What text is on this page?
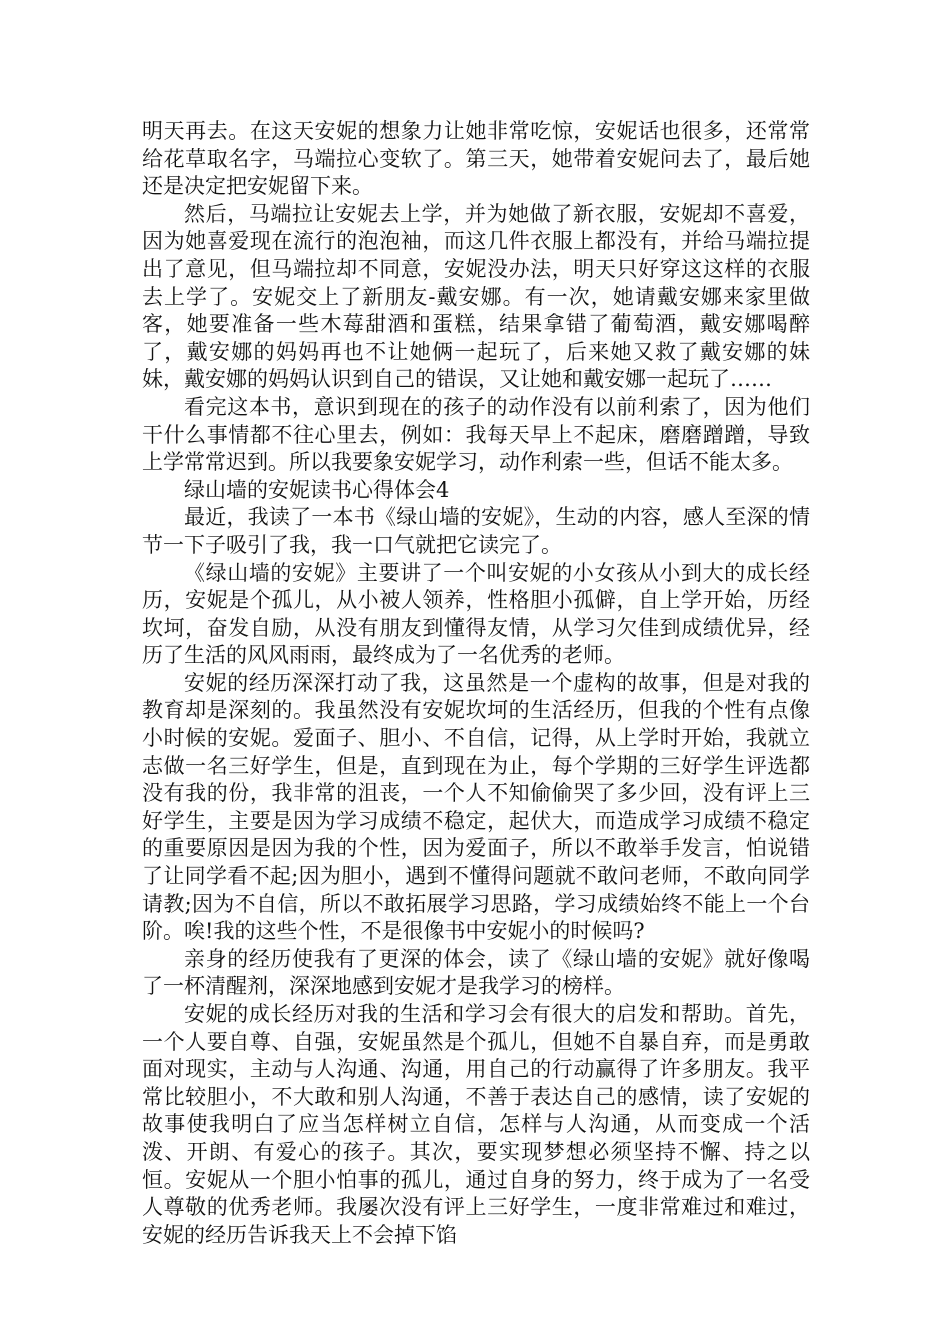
明天再去。在这天安妮的想象力让她非常吃惊，安妮话也很多，还常常给花草取名字，马端拉心变软了。第三天，她带着安妮问去了，最后她还是决定把安妮留下来。

然后，马端拉让安妮去上学，并为她做了新衣服，安妮却不喜爱，因为她喜爱现在流行的泡泡袖，而这几件衣服上都没有，并给马端拉提出了意见，但马端拉却不同意，安妮没办法，明天只好穿这这样的衣服去上学了。安妮交上了新朋友-戴安娜。有一次，她请戴安娜来家里做客，她要准备一些木莓甜酒和蛋糕，结果拿错了葡萄酒，戴安娜喝醉了，戴安娜的妈妈再也不让她俩一起玩了，后来她又救了戴安娜的妹妹，戴安娜的妈妈认识到自己的错误，又让她和戴安娜一起玩了……

看完这本书，意识到现在的孩子的动作没有以前利索了，因为他们干什么事情都不往心里去，例如：我每天早上不起床，磨磨蹭蹭，导致上学常常迟到。所以我要象安妮学习，动作利索一些，但话不能太多。

绿山墙的安妮读书心得体会4

最近，我读了一本书《绿山墙的安妮》，生动的内容，感人至深的情节一下子吸引了我，我一口气就把它读完了。

《绿山墙的安妮》主要讲了一个叫安妮的小女孩从小到大的成长经历，安妮是个孤儿，从小被人领养，性格胆小孤僻，自上学开始，历经坎坷，奋发自励，从没有朋友到懂得友情，从学习欠佳到成绩优异，经历了生活的风风雨雨，最终成为了一名优秀的老师。

安妮的经历深深打动了我，这虽然是一个虚构的故事，但是对我的教育却是深刻的。我虽然没有安妮坎坷的生活经历，但我的个性有点像小时候的安妮。爱面子、胆小、不自信，记得，从上学时开始，我就立志做一名三好学生，但是，直到现在为止，每个学期的三好学生评选都没有我的份，我非常的沮丧，一个人不知偷偷哭了多少回，没有评上三好学生，主要是因为学习成绩不稳定，起伏大，而造成学习成绩不稳定的重要原因是因为我的个性，因为爱面子，所以不敢举手发言，怕说错了让同学看不起;因为胆小，遇到不懂得问题就不敢问老师，不敢向同学请教;因为不自信，所以不敢拓展学习思路，学习成绩始终不能上一个台阶。唉!我的这些个性，不是很像书中安妮小的时候吗?

亲身的经历使我有了更深的体会，读了《绿山墙的安妮》就好像喝了一杯清醒剂，深深地感到安妮才是我学习的榜样。

安妮的成长经历对我的生活和学习会有很大的启发和帮助。首先，一个人要自尊、自强，安妮虽然是个孤儿，但她不自暴自弃，而是勇敢面对现实，主动与人沟通、沟通，用自己的行动赢得了许多朋友。我平常比较胆小，不大敢和别人沟通，不善于表达自己的感情，读了安妮的故事使我明白了应当怎样树立自信，怎样与人沟通，从而变成一个活泼、开朗、有爱心的孩子。其次，要实现梦想必须坚持不懈、持之以恒。安妮从一个胆小怕事的孤儿，通过自身的努力，终于成为了一名受人尊敬的优秀老师。我屡次没有评上三好学生，一度非常难过和难过，安妮的经历告诉我天上不会掉下馅
